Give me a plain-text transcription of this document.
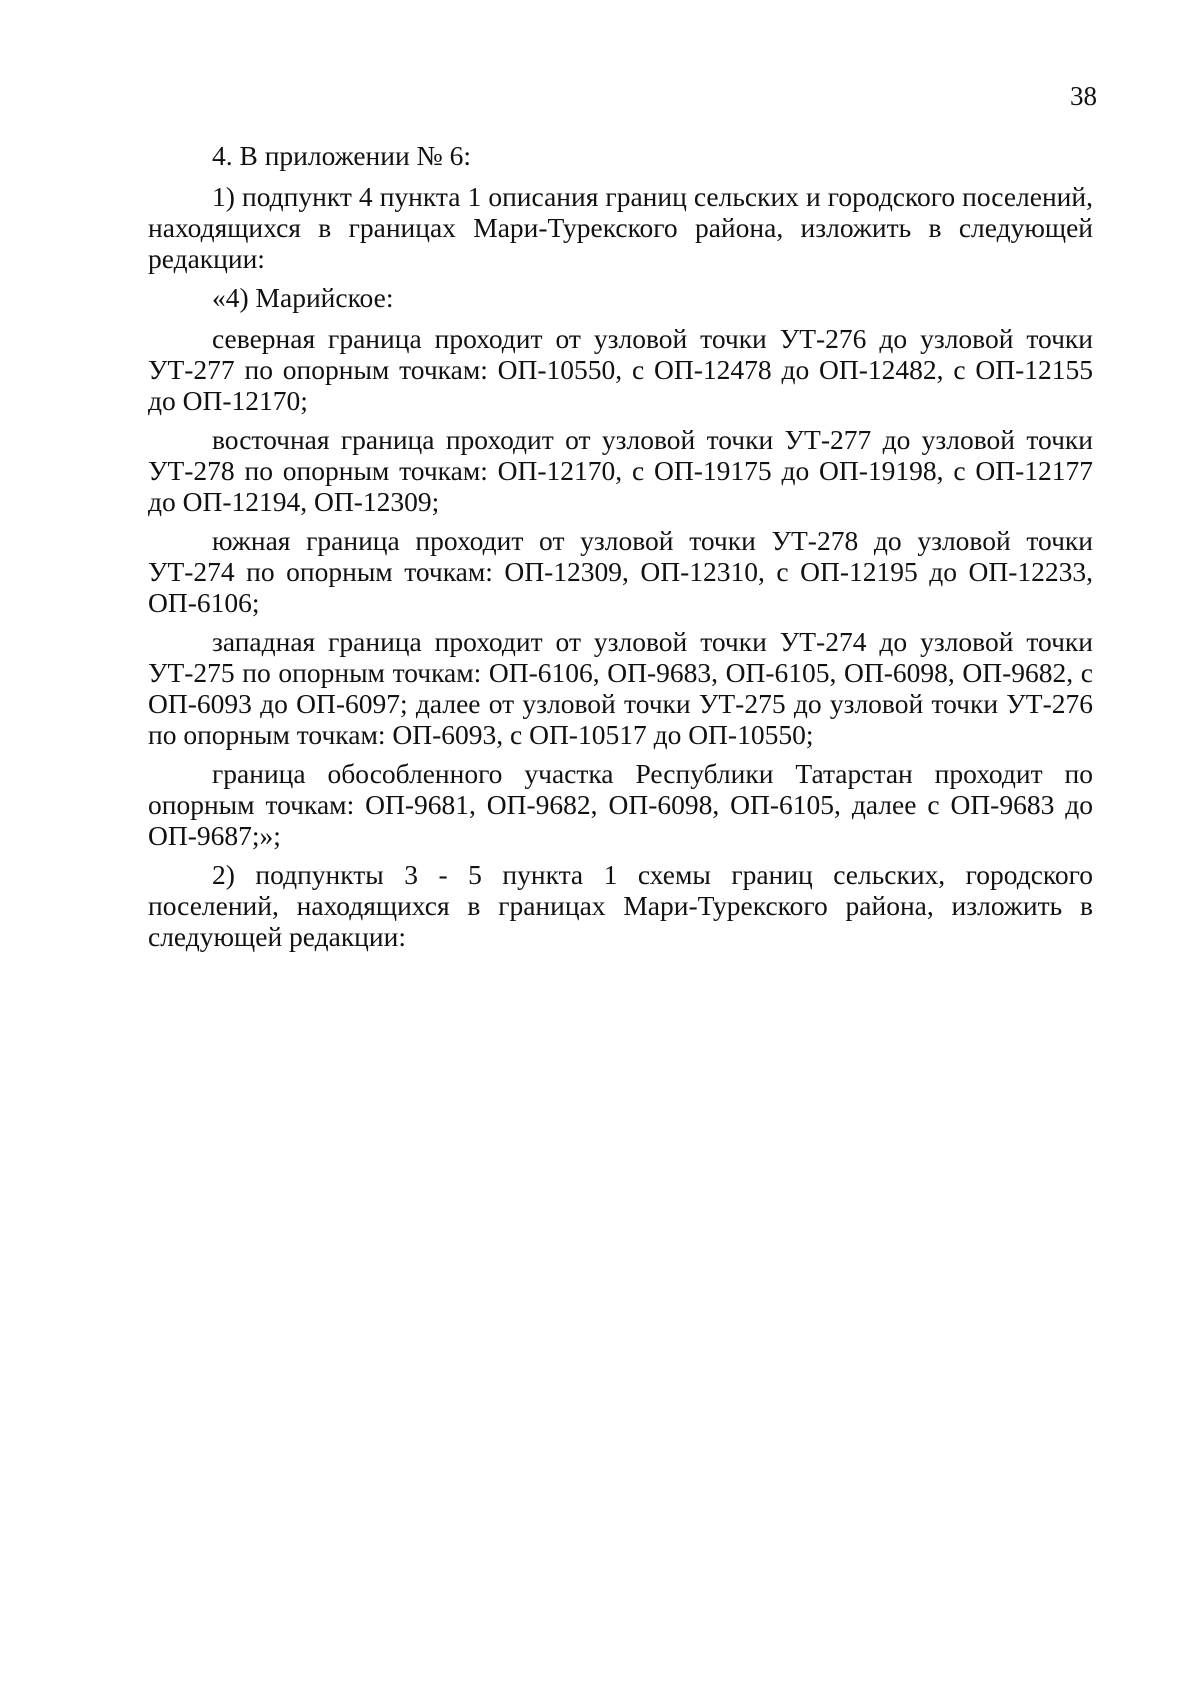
38

4. В приложении № 6:

1) подпункт 4 пункта 1 описания границ сельских и городского поселений, находящихся в границах Мари-Турекского района, изложить в следующей редакции:

«4) Марийское:

северная граница проходит от узловой точки УТ-276 до узловой точки УТ-277 по опорным точкам: ОП-10550, с ОП-12478 до ОП-12482, с ОП-12155 до ОП-12170;

восточная граница проходит от узловой точки УТ-277 до узловой точки УТ-278 по опорным точкам: ОП-12170, с ОП-19175 до ОП-19198, с ОП-12177 до ОП-12194, ОП-12309;

южная граница проходит от узловой точки УТ-278 до узловой точки УТ-274 по опорным точкам: ОП-12309, ОП-12310, с ОП-12195 до ОП-12233, ОП-6106;

западная граница проходит от узловой точки УТ-274 до узловой точки УТ-275 по опорным точкам: ОП-6106, ОП-9683, ОП-6105, ОП-6098, ОП-9682, с ОП-6093 до ОП-6097; далее от узловой точки УТ-275 до узловой точки УТ-276 по опорным точкам: ОП-6093, с ОП-10517 до ОП-10550;

граница обособленного участка Республики Татарстан проходит по опорным точкам: ОП-9681, ОП-9682, ОП-6098, ОП-6105, далее с ОП-9683 до ОП-9687;»;

2) подпункты 3 - 5 пункта 1 схемы границ сельских, городского поселений, находящихся в границах Мари-Турекского района, изложить в следующей редакции:
